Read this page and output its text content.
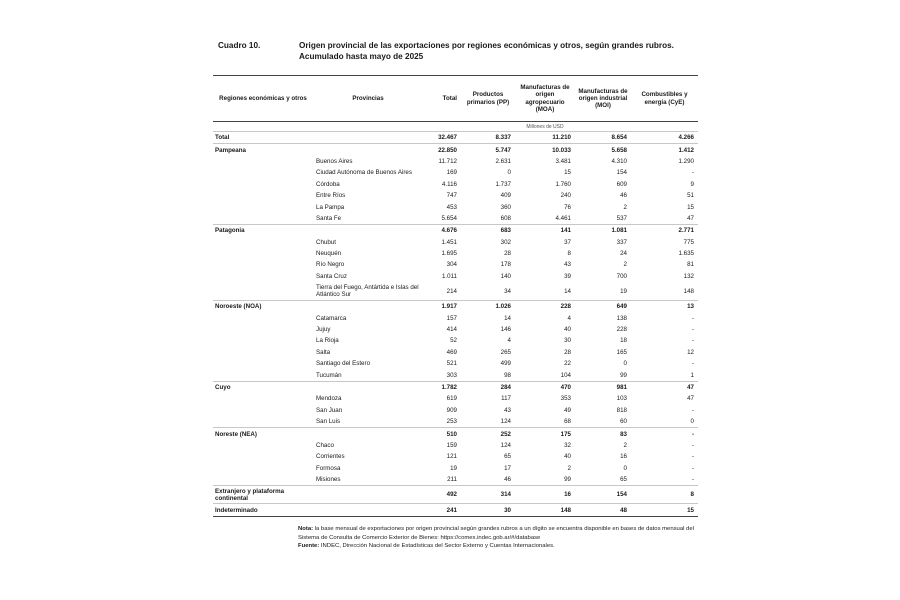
Cuadro 10.	Origen provincial de las exportaciones por regiones económicas y otros, según grandes rubros.
Acumulado hasta mayo de 2025
Regiones económicas y otros	Provincias	Total	Productos primarios (PP)	Manufacturas de origen agropecuario (MOA)	Manufacturas de origen industrial (MOI)	Combustibles y energía (CyE)
				Millones de USD		
Total		32.467	8.337	11.210	8.654	4.266
Pampeana		22.850	5.747	10.033	5.658	1.412
	Buenos Aires	11.712	2.631	3.481	4.310	1.290
	Ciudad Autónoma de Buenos Aires	169	0	15	154	-
	Córdoba	4.116	1.737	1.760	609	9
	Entre Ríos	747	409	240	46	51
	La Pampa	453	360	76	2	15
	Santa Fe	5.654	608	4.461	537	47
Patagonia		4.676	683	141	1.081	2.771
	Chubut	1.451	302	37	337	775
	Neuquén	1.695	28	8	24	1.635
	Río Negro	304	178	43	2	81
	Santa Cruz	1.011	140	39	700	132
	Tierra del Fuego, Antártida e Islas del Atlántico Sur	214	34	14	19	148
Noroeste (NOA)		1.917	1.026	228	649	13
	Catamarca	157	14	4	138	-
	Jujuy	414	146	40	228	-
	La Rioja	52	4	30	18	-
	Salta	469	265	28	165	12
	Santiago del Estero	521	499	22	0	-
	Tucumán	303	98	104	99	1
Cuyo		1.782	284	470	981	47
	Mendoza	619	117	353	103	47
	San Juan	909	43	49	818	-
	San Luis	253	124	68	60	0
Noreste (NEA)		510	252	175	83	-
	Chaco	159	124	32	2	-
	Corrientes	121	65	40	16	-
	Formosa	19	17	2	0	-
	Misiones	211	46	99	65	-
Extranjero y plataforma continental		492	314	16	154	8
Indeterminado		241	30	148	48	15
Nota: la base mensual de exportaciones por origen provincial según grandes rubros a un dígito se encuentra disponible en bases de datos mensual del Sistema de Consulta de Comercio Exterior de Bienes: https://comex.indec.gob.ar/#/database
Fuente: INDEC, Dirección Nacional de Estadísticas del Sector Externo y Cuentas Internacionales.
